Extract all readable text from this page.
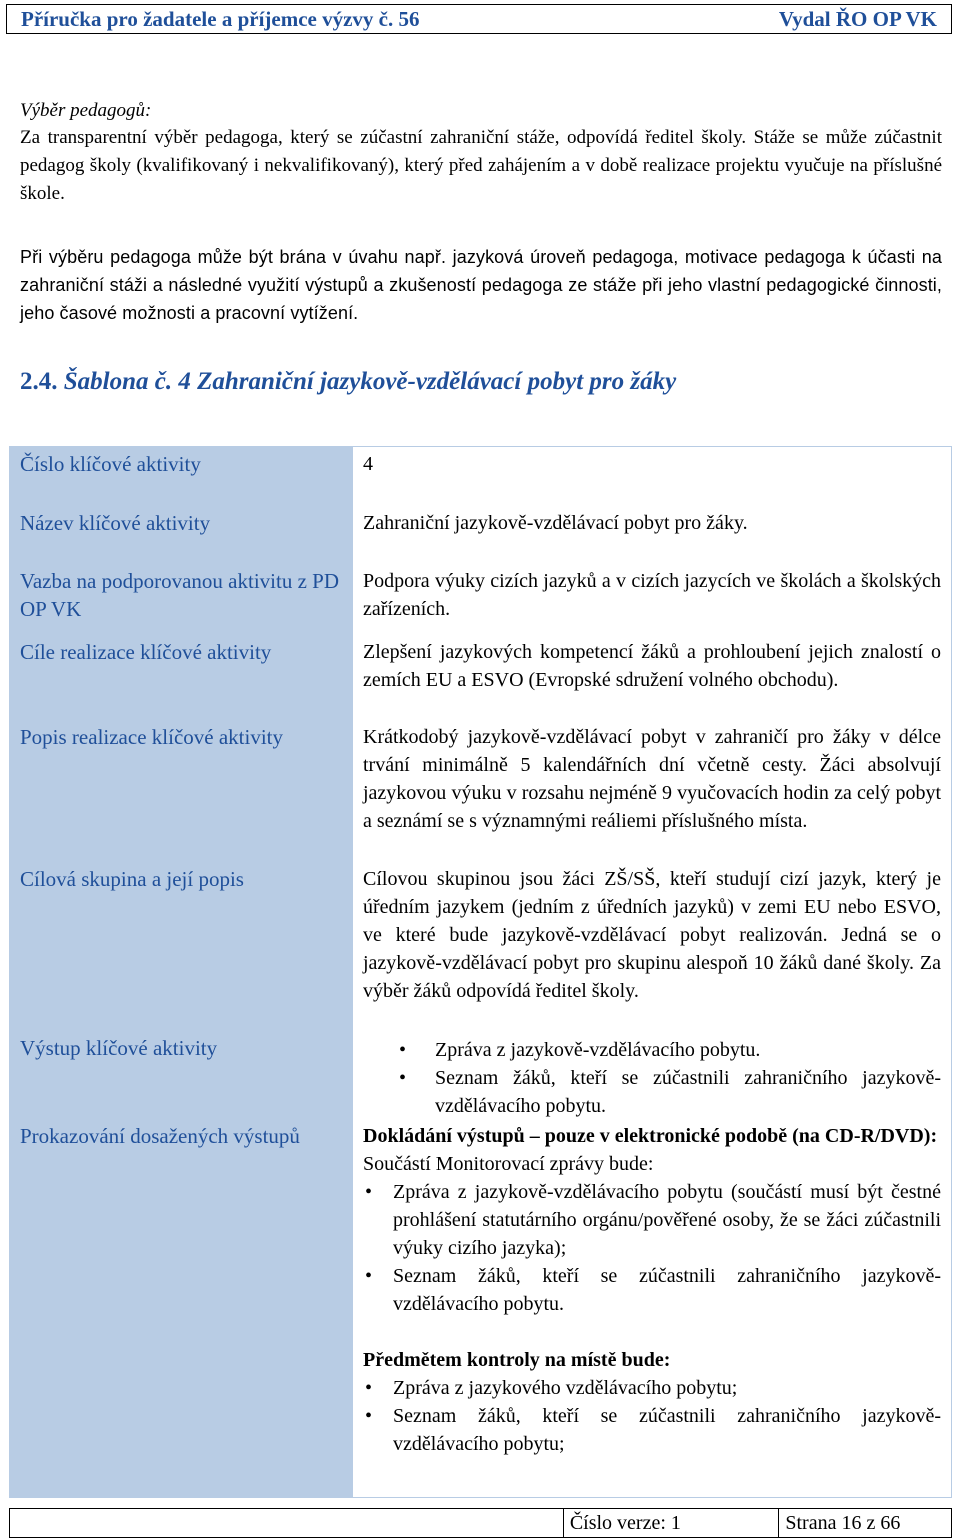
Příručka pro žadatele a příjemce výzvy č. 56	Vydal ŘO OP VK

Výběr pedagogů:

Za transparentní výběr pedagoga, který se zúčastní zahraniční stáže, odpovídá ředitel školy. Stáže se může zúčastnit pedagog školy (kvalifikovaný i nekvalifikovaný), který před zahájením a v době realizace projektu vyučuje na příslušné škole.

Při výběru pedagoga může být brána v úvahu např. jazyková úroveň pedagoga, motivace pedagoga k účasti na zahraniční stáži a následné využití výstupů a zkušeností pedagoga ze stáže při jeho vlastní pedagogické činnosti, jeho časové možnosti a pracovní vytížení.

2.4. Šablona č. 4 Zahraniční jazykově-vzdělávací pobyt pro žáky
Číslo klíčové aktivity	4
Název klíčové aktivity	Zahraniční jazykově-vzdělávací pobyt pro žáky.
Vazba na podporovanou aktivitu z PD OP VK
Podpora výuky cizích jazyků a v cizích jazycích ve školách a školských zařízeních.
Cíle realizace klíčové aktivity	Zlepšení jazykových kompetencí žáků a prohloubení jejich znalostí o zemích EU a ESVO (Evropské sdružení volného obchodu).
Popis realizace klíčové aktivity	Krátkodobý jazykově-vzdělávací pobyt v zahraničí pro žáky v délce trvání minimálně 5 kalendářních dní včetně cesty. Žáci absolvují jazykovou výuku v rozsahu nejméně 9 vyučovacích hodin za celý pobyt a seznámí se s významnými reáliemi příslušného místa.
Cílová skupina a její popis	Cílovou skupinou jsou žáci ZŠ/SŠ, kteří studují cizí jazyk, který je úředním jazykem (jedním z úředních jazyků) v zemi EU nebo ESVO, ve které bude jazykově-vzdělávací pobyt realizován. Jedná se o jazykově-vzdělávací pobyt pro skupinu alespoň 10 žáků dané školy. Za výběr žáků odpovídá ředitel školy.
Výstup klíčové aktivity
•	Zpráva z jazykově-vzdělávacího pobytu.
• Seznam žáků, kteří se zúčastnili zahraničního jazykově-vzdělávacího pobytu.
Prokazování dosažených výstupů	Dokládání výstupů – pouze v elektronické podobě (na CD-R/DVD):

Součástí Monitorovací zprávy bude:

• Zpráva z jazykově-vzdělávacího pobytu (součástí musí být čestné prohlášení statutárního orgánu/pověřené osoby, že se žáci zúčastnili výuky cizího jazyka);
• Seznam žáků, kteří se zúčastnili zahraničního jazykově-vzdělávacího pobytu.

Předmětem kontroly na místě bude:

• Zpráva z jazykového vzdělávacího pobytu;
• Seznam žáků, kteří se zúčastnili zahraničního jazykově-vzdělávacího pobytu;
Číslo verze: 1	Strana 16 z 66
